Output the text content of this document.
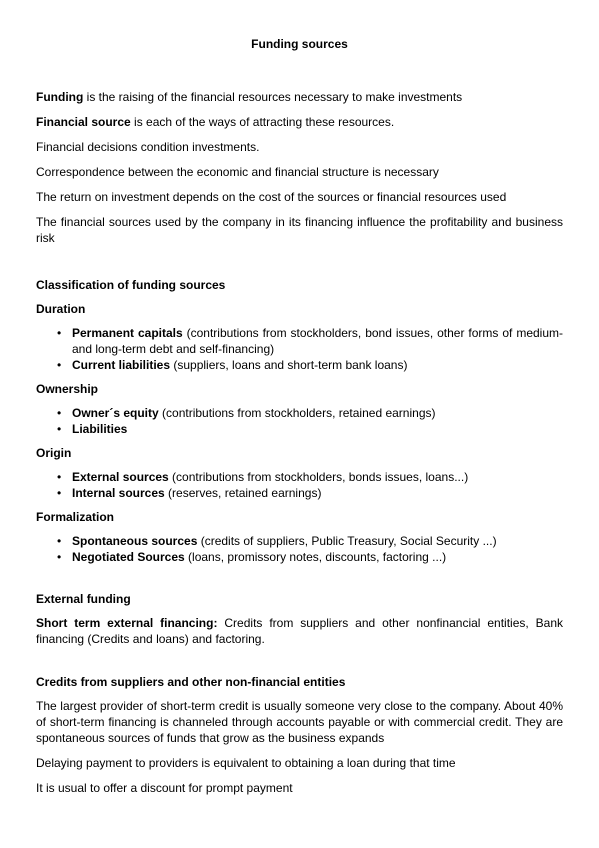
Funding sources

Funding is the raising of the financial resources necessary to make investments

Financial source is each of the ways of attracting these resources.

Financial decisions condition investments.

Correspondence between the economic and financial structure is necessary

The return on investment depends on the cost of the sources or financial resources used

The financial sources used by the company in its financing influence the profitability and business risk

Classification of funding sources

Duration

• Permanent capitals (contributions from stockholders, bond issues, other forms of medium-and long-term debt and self-financing)
• Current liabilities (suppliers, loans and short-term bank loans)

Ownership

• Owner´s equity (contributions from stockholders, retained earnings)
• Liabilities

Origin

• External sources (contributions from stockholders, bonds issues, loans...)
• Internal sources (reserves, retained earnings)

Formalization

• Spontaneous sources (credits of suppliers, Public Treasury, Social Security ...)
• Negotiated Sources (loans, promissory notes, discounts, factoring ...)

External funding

Short term external financing: Credits from suppliers and other nonfinancial entities, Bank financing (Credits and loans) and factoring.

Credits from suppliers and other non-financial entities

The largest provider of short-term credit is usually someone very close to the company. About 40% of short-term financing is channeled through accounts payable or with commercial credit. They are spontaneous sources of funds that grow as the business expands

Delaying payment to providers is equivalent to obtaining a loan during that time

It is usual to offer a discount for prompt payment
